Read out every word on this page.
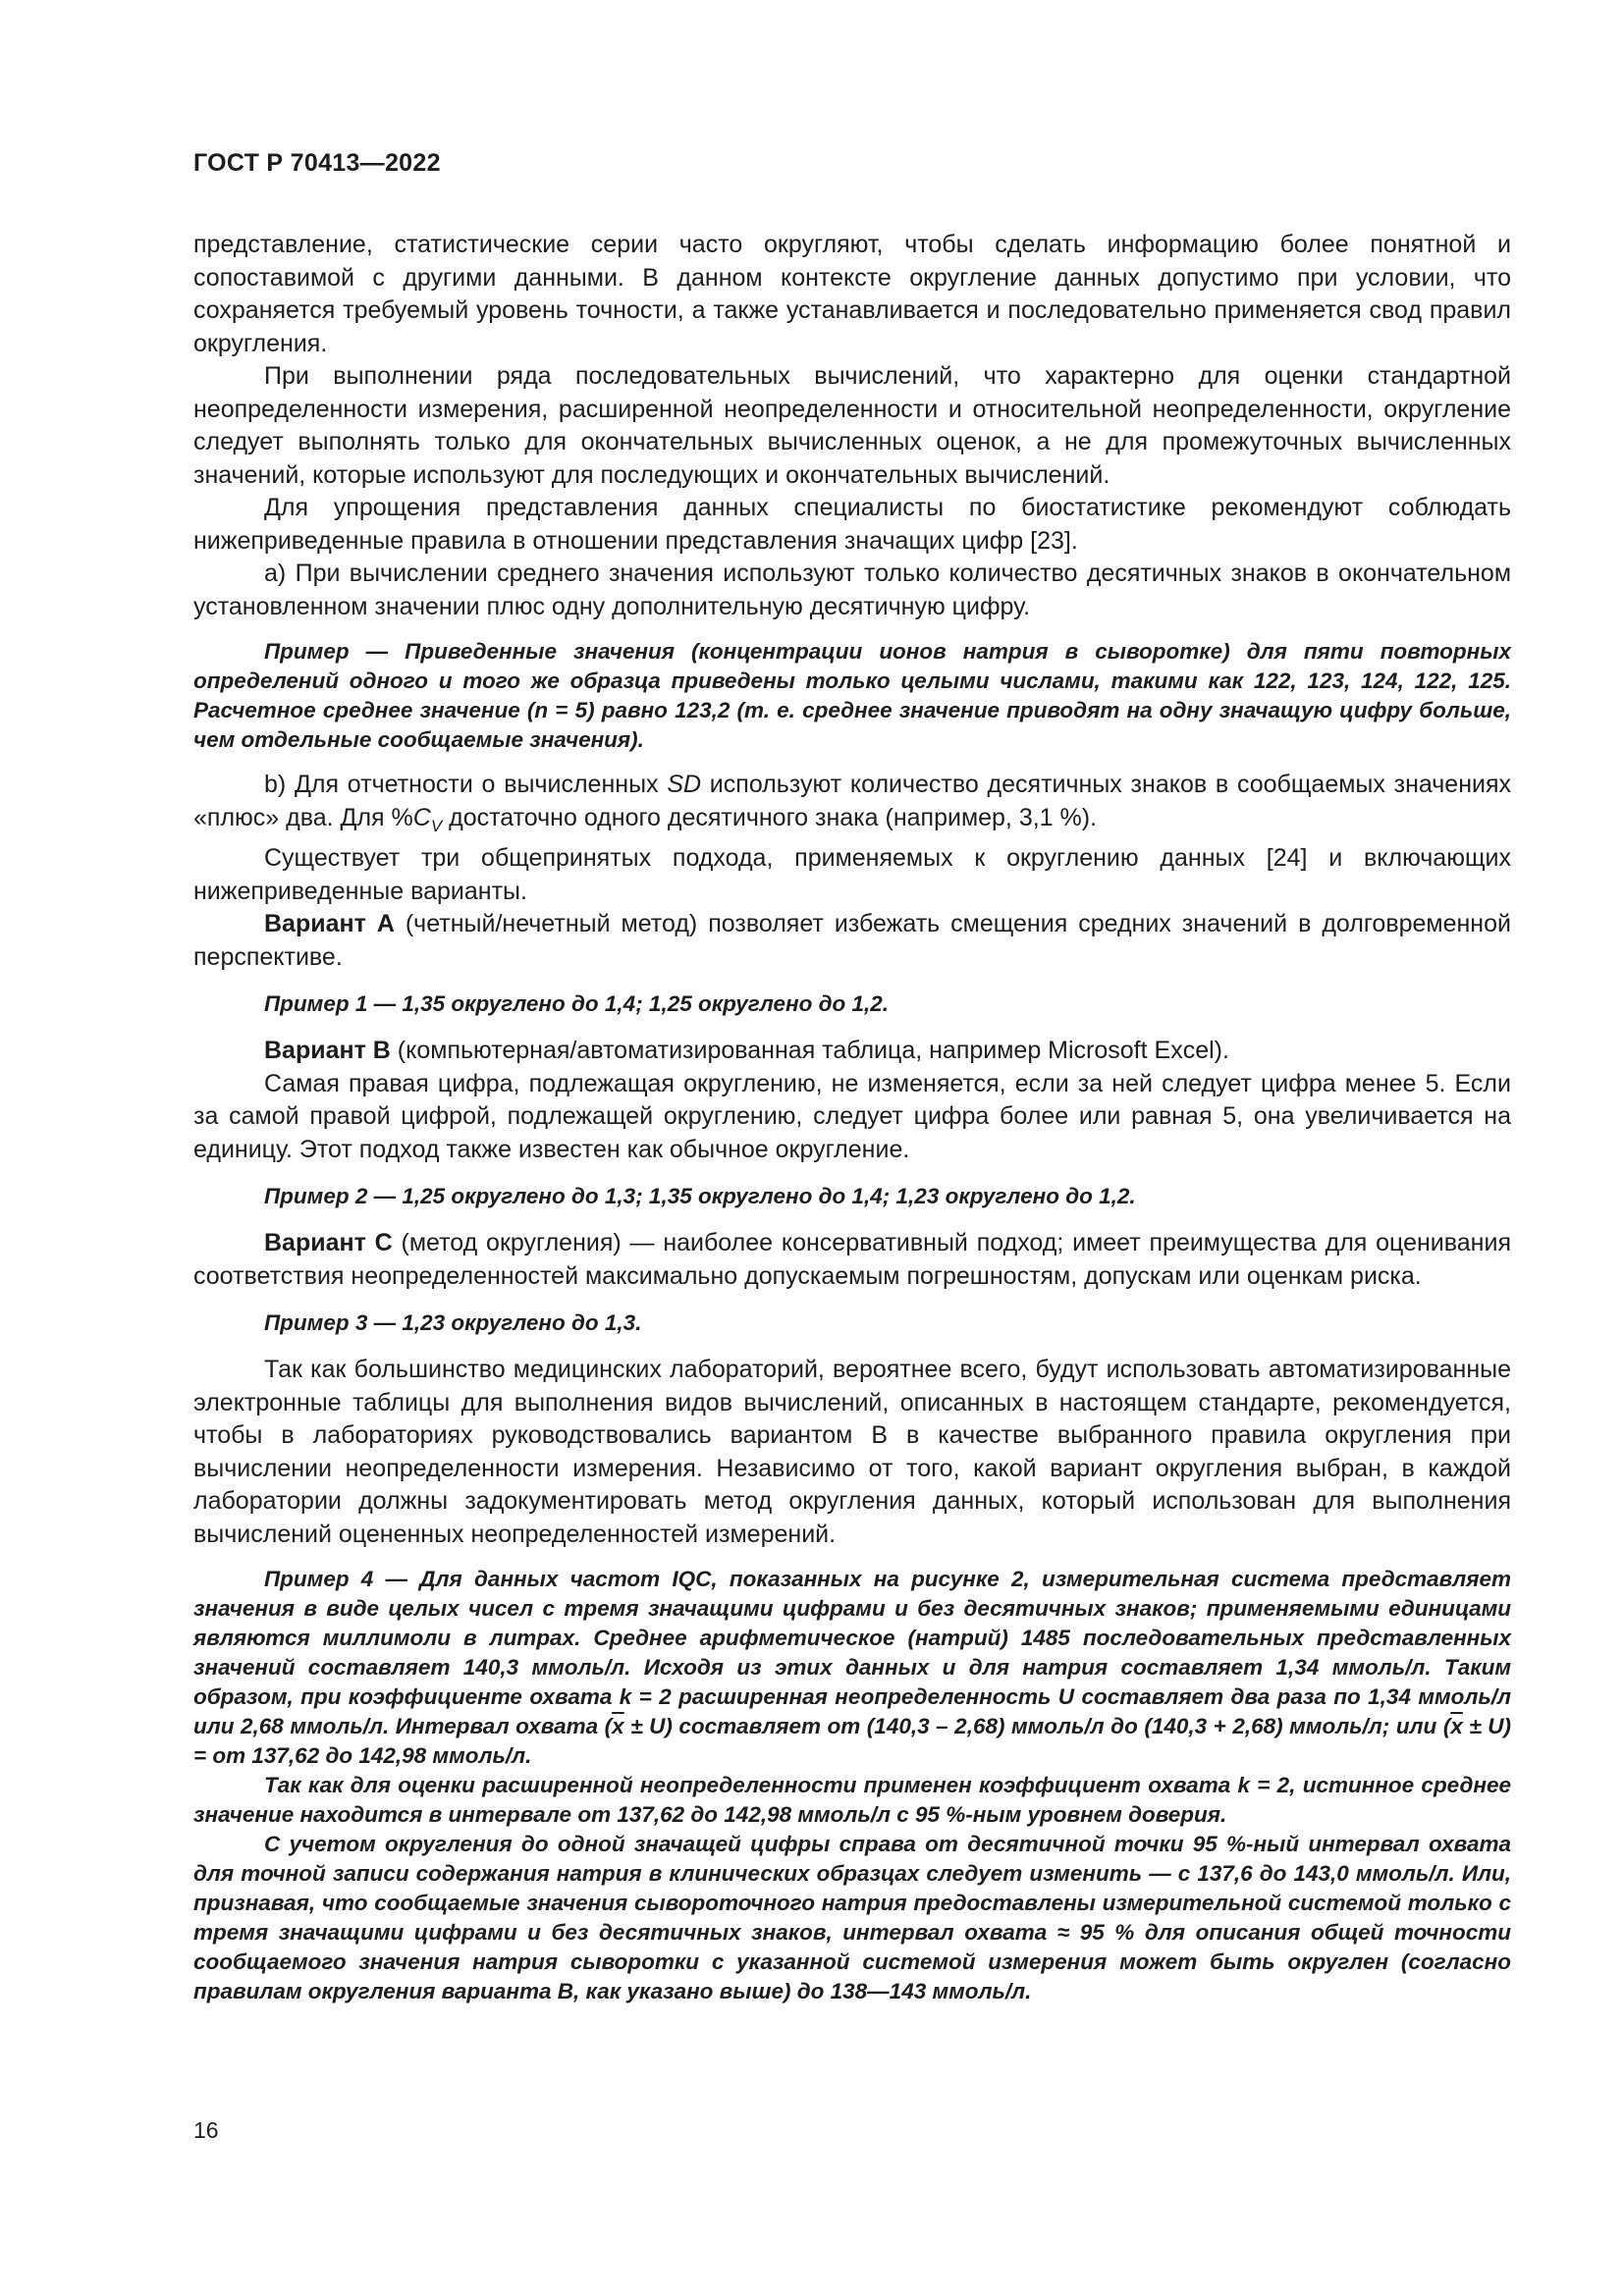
ГОСТ Р 70413—2022

представление, статистические серии часто округляют, чтобы сделать информацию более понятной и сопоставимой с другими данными. В данном контексте округление данных допустимо при условии, что сохраняется требуемый уровень точности, а также устанавливается и последовательно применяется свод правил округления.

При выполнении ряда последовательных вычислений, что характерно для оценки стандартной неопределенности измерения, расширенной неопределенности и относительной неопределенности, округление следует выполнять только для окончательных вычисленных оценок, а не для промежуточных вычисленных значений, которые используют для последующих и окончательных вычислений.

Для упрощения представления данных специалисты по биостатистике рекомендуют соблюдать нижеприведенные правила в отношении представления значащих цифр [23].

a) При вычислении среднего значения используют только количество десятичных знаков в окончательном установленном значении плюс одну дополнительную десятичную цифру.

Пример — Приведенные значения (концентрации ионов натрия в сыворотке) для пяти повторных определений одного и того же образца приведены только целыми числами, такими как 122, 123, 124, 122, 125. Расчетное среднее значение (n = 5) равно 123,2 (т. е. среднее значение приводят на одну значащую цифру больше, чем отдельные сообщаемые значения).

b) Для отчетности о вычисленных SD используют количество десятичных знаков в сообщаемых значениях «плюс» два. Для $\%C_V$ достаточно одного десятичного знака (например, 3,1 %).

Существует три общепринятых подхода, применяемых к округлению данных [24] и включающих нижеприведенные варианты.

Вариант А (четный/нечетный метод) позволяет избежать смещения средних значений в долговременной перспективе.

Пример 1 — 1,35 округлено до 1,4; 1,25 округлено до 1,2.

Вариант В (компьютерная/автоматизированная таблица, например Microsoft Excel).

Самая правая цифра, подлежащая округлению, не изменяется, если за ней следует цифра менее 5. Если за самой правой цифрой, подлежащей округлению, следует цифра более или равная 5, она увеличивается на единицу. Этот подход также известен как обычное округление.

Пример 2 — 1,25 округлено до 1,3; 1,35 округлено до 1,4; 1,23 округлено до 1,2.

Вариант С (метод округления) — наиболее консервативный подход; имеет преимущества для оценивания соответствия неопределенностей максимально допускаемым погрешностям, допускам или оценкам риска.

Пример 3 — 1,23 округлено до 1,3.

Так как большинство медицинских лабораторий, вероятнее всего, будут использовать автоматизированные электронные таблицы для выполнения видов вычислений, описанных в настоящем стандарте, рекомендуется, чтобы в лабораториях руководствовались вариантом В в качестве выбранного правила округления при вычислении неопределенности измерения. Независимо от того, какой вариант округления выбран, в каждой лаборатории должны задокументировать метод округления данных, который использован для выполнения вычислений оцененных неопределенностей измерений.

Пример 4 — Для данных частот IQC, показанных на рисунке 2, измерительная система представляет значения в виде целых чисел с тремя значащими цифрами и без десятичных знаков; применяемыми единицами являются миллимоли в литрах. Среднее арифметическое (натрий) 1485 последовательных представленных значений составляет 140,3 ммоль/л. Исходя из этих данных и для натрия составляет 1,34 ммоль/л. Таким образом, при коэффициенте охвата k = 2 расширенная неопределенность U составляет два раза по 1,34 ммоль/л или 2,68 ммоль/л. Интервал охвата $(\overline{x} \pm U)$ составляет от (140,3 – 2,68) ммоль/л до (140,3 + 2,68) ммоль/л; или $(\overline{x} \pm U)$ = от 137,62 до 142,98 ммоль/л.

Так как для оценки расширенной неопределенности применен коэффициент охвата k = 2, истинное среднее значение находится в интервале от 137,62 до 142,98 ммоль/л с 95 %-ным уровнем доверия.

С учетом округления до одной значащей цифры справа от десятичной точки 95 %-ный интервал охвата для точной записи содержания натрия в клинических образцах следует изменить — с 137,6 до 143,0 ммоль/л. Или, признавая, что сообщаемые значения сывороточного натрия предоставлены измерительной системой только с тремя значащими цифрами и без десятичных знаков, интервал охвата ≈ 95 % для описания общей точности сообщаемого значения натрия сыворотки с указанной системой измерения может быть округлен (согласно правилам округления варианта В, как указано выше) до 138—143 ммоль/л.

16
